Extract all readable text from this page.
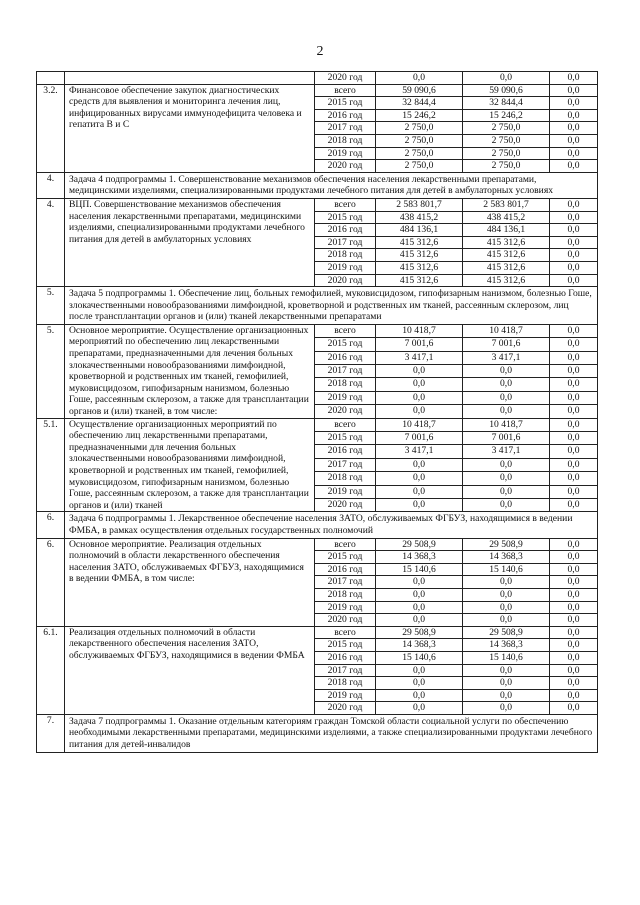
2
		2020 год	0,0	0,0	0,0
3.2.	Финансовое обеспечение закупок диагностических средств для выявления и мониторинга лечения лиц, инфицированных вирусами иммунодефицита человека и гепатита В и С	всего	59 090,6	59 090,6	0,0
		2015 год	32 844,4	32 844,4	0,0
		2016 год	15 246,2	15 246,2	0,0
		2017 год	2 750,0	2 750,0	0,0
		2018 год	2 750,0	2 750,0	0,0
		2019 год	2 750,0	2 750,0	0,0
		2020 год	2 750,0	2 750,0	0,0
4.	Задача 4 подпрограммы 1. Совершенствование механизмов обеспечения населения лекарственными препаратами, медицинскими изделиями, специализированными продуктами лечебного питания для детей в амбулаторных условиях				
4.	ВЦП. Совершенствование механизмов обеспечения населения лекарственными препаратами, медицинскими изделиями, специализированными продуктами лечебного питания для детей в амбулаторных условиях	всего	2 583 801,7	2 583 801,7	0,0
		2015 год	438 415,2	438 415,2	0,0
		2016 год	484 136,1	484 136,1	0,0
		2017 год	415 312,6	415 312,6	0,0
		2018 год	415 312,6	415 312,6	0,0
		2019 год	415 312,6	415 312,6	0,0
		2020 год	415 312,6	415 312,6	0,0
5.	Задача 5 подпрограммы 1. Обеспечение лиц, больных гемофилией, муковисцидозом, гипофизарным нанизмом, болезнью Гоше, злокачественными новообразованиями лимфоидной, кроветворной и родственных им тканей, рассеянным склерозом, лиц после трансплантации органов и (или) тканей лекарственными препаратами				
5.	Основное мероприятие. Осуществление организационных мероприятий по обеспечению лиц лекарственными препаратами, предназначенными для лечения больных злокачественными новообразованиями лимфоидной, кроветворной и родственных им тканей, гемофилией, муковисцидозом, гипофизарным нанизмом, болезнью Гоше, рассеянным склерозом, а также для трансплантации органов и (или) тканей, в том числе:	всего	10 418,7	10 418,7	0,0
		2015 год	7 001,6	7 001,6	0,0
		2016 год	3 417,1	3 417,1	0,0
		2017 год	0,0	0,0	0,0
		2018 год	0,0	0,0	0,0
		2019 год	0,0	0,0	0,0
		2020 год	0,0	0,0	0,0
5.1.	Осуществление организационных мероприятий по обеспечению лиц лекарственными препаратами, предназначенными для лечения больных злокачественными новообразованиями лимфоидной, кроветворной и родственных им тканей, гемофилией, муковисцидозом, гипофизарным нанизмом, болезнью Гоше, рассеянным склерозом, а также для трансплантации органов и (или) тканей	всего	10 418,7	10 418,7	0,0
		2015 год	7 001,6	7 001,6	0,0
		2016 год	3 417,1	3 417,1	0,0
		2017 год	0,0	0,0	0,0
		2018 год	0,0	0,0	0,0
		2019 год	0,0	0,0	0,0
		2020 год	0,0	0,0	0,0
6.	Задача 6 подпрограммы 1. Лекарственное обеспечение населения ЗАТО, обслуживаемых ФГБУЗ, находящимися в ведении ФМБА, в рамках осуществления отдельных государственных полномочий				
6.	Основное мероприятие. Реализация отдельных полномочий в области лекарственного обеспечения населения ЗАТО, обслуживаемых ФГБУЗ, находящимися в ведении ФМБА, в том числе:	всего	29 508,9	29 508,9	0,0
		2015 год	14 368,3	14 368,3	0,0
		2016 год	15 140,6	15 140,6	0,0
		2017 год	0,0	0,0	0,0
		2018 год	0,0	0,0	0,0
		2019 год	0,0	0,0	0,0
		2020 год	0,0	0,0	0,0
6.1.	Реализация отдельных полномочий в области лекарственного обеспечения населения ЗАТО, обслуживаемых ФГБУЗ, находящимися в ведении ФМБА	всего	29 508,9	29 508,9	0,0
		2015 год	14 368,3	14 368,3	0,0
		2016 год	15 140,6	15 140,6	0,0
		2017 год	0,0	0,0	0,0
		2018 год	0,0	0,0	0,0
		2019 год	0,0	0,0	0,0
		2020 год	0,0	0,0	0,0
7.	Задача 7 подпрограммы 1. Оказание отдельным категориям граждан Томской области социальной услуги по обеспечению необходимыми лекарственными препаратами, медицинскими изделиями, а также специализированными продуктами лечебного питания для детей-инвалидов				
